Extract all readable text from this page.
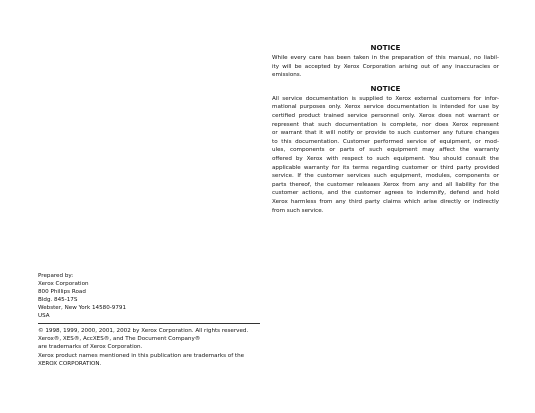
NOTICE

While every care has been taken in the preparation of this manual, no liabil-
ity will be accepted by Xerox Corporation arising out of any inaccuracies or
emissions.

NOTICE

All service documentation is supplied to Xerox external customers for infor-
mational purposes only. Xerox service documentation is intended for use by
certified product trained service personnel only. Xerox does not warrant or
represent that such documentation is complete, nor does Xerox represent
or warrant that it will notify or provide to such customer any future changes
to this documentation. Customer performed service of equipment, or mod-
ules, components or parts of such equipment may affect the warranty
offered by Xerox with respect to such equipment. You should consult the
applicable warranty for its terms regarding customer or third party provided
service. If the customer services such equipment, modules, components or
parts thereof, the customer releases Xerox from any and all liability for the
customer actions, and the customer agrees to indemnify, defend and hold
Xerox harmless from any third party claims which arise directly or indirectly
from such service.

Prepared by:
Xerox Corporation
800 Phillips Road
Bldg. 845-17S
Webster, New York 14580-9791
USA
© 1998, 1999, 2000, 2001, 2002 by Xerox Corporation. All rights reserved.
Xerox®, XES®, AccXES®, and The Document Company®
are trademarks of Xerox Corporation.
Xerox product names mentioned in this publication are trademarks of the
XEROX CORPORATION.
